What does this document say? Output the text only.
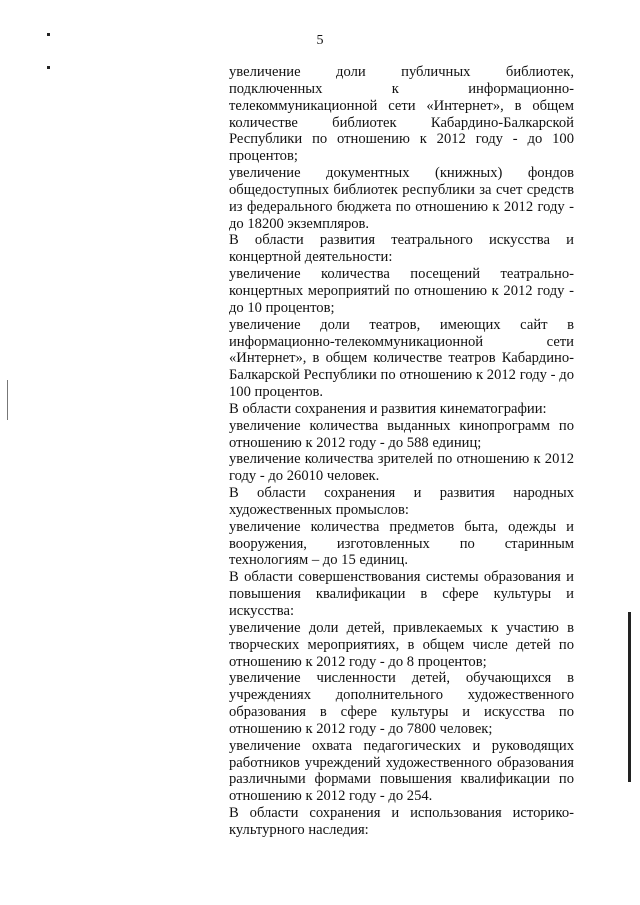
5

увеличение доли публичных библиотек, подключенных к информационно-телекоммуникационной сети «Интернет», в общем количестве библиотек Кабардино-Балкарской Республики по отношению к 2012 году - до 100 процентов;

увеличение документных (книжных) фондов общедоступных библиотек республики за счет средств из федерального бюджета по отношению к 2012 году - до 18200 экземпляров.

В области развития театрального искусства и концертной деятельности:

увеличение количества посещений театрально-концертных мероприятий по отношению к 2012 году - до 10 процентов;

увеличение доли театров, имеющих сайт в информационно-телекоммуникационной сети «Интернет», в общем количестве театров Кабардино-Балкарской Республики по отношению к 2012 году - до 100 процентов.

В области сохранения и развития кинематографии:

увеличение количества выданных кинопрограмм по отношению к 2012 году - до 588 единиц;

увеличение количества зрителей по отношению к 2012 году - до 26010 человек.

В области сохранения и развития народных художественных промыслов:

увеличение количества предметов быта, одежды и вооружения, изготовленных по старинным технологиям – до 15 единиц.

В области совершенствования системы образования и повышения квалификации в сфере культуры и искусства:

увеличение доли детей, привлекаемых к участию в творческих мероприятиях, в общем числе детей по отношению к 2012 году - до 8 процентов;

увеличение численности детей, обучающихся в учреждениях дополнительного художественного образования в сфере культуры и искусства по отношению к 2012 году - до 7800 человек;

увеличение охвата педагогических и руководящих работников учреждений художественного образования различными формами повышения квалификации по отношению к 2012 году - до 254.

В области сохранения и использования историко-культурного наследия:
